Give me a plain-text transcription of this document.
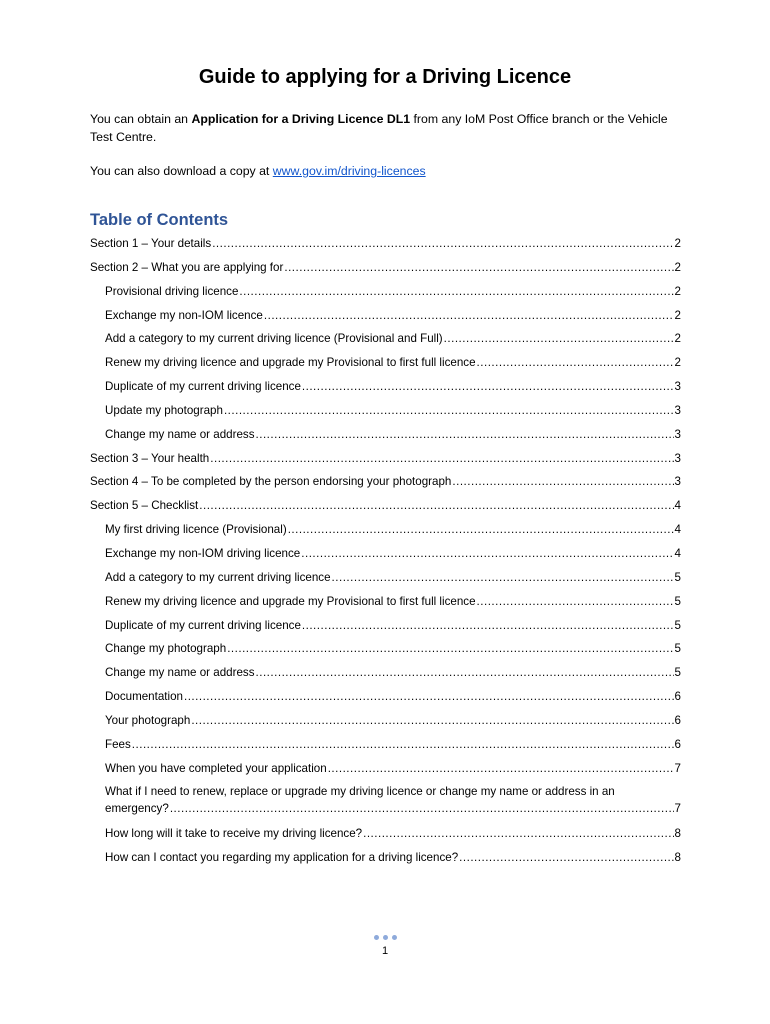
Guide to applying for a Driving Licence
You can obtain an Application for a Driving Licence DL1 from any IoM Post Office branch or the Vehicle Test Centre.
You can also download a copy at www.gov.im/driving-licences
Table of Contents
Section 1 – Your details .....	2
Section 2 – What you are applying for .....	2
Provisional driving licence .....	2
Exchange my non-IOM licence .....	2
Add a category to my current driving licence (Provisional and Full) .....	2
Renew my driving licence and upgrade my Provisional to first full licence .....	2
Duplicate of my current driving licence .....	3
Update my photograph .....	3
Change my name or address .....	3
Section 3 – Your health .....	3
Section 4 – To be completed by the person endorsing your photograph .....	3
Section 5 – Checklist .....	4
My first driving licence (Provisional) .....	4
Exchange my non-IOM driving licence .....	4
Add a category to my current driving licence .....	5
Renew my driving licence and upgrade my Provisional to first full licence .....	5
Duplicate of my current driving licence .....	5
Change my photograph .....	5
Change my name or address .....	5
Documentation .....	6
Your photograph .....	6
Fees .....	6
When you have completed your application .....	7
What if I need to renew, replace or upgrade my driving licence or change my name or address in an
emergency? .....	7
How long will it take to receive my driving licence? .....	8
How can I contact you regarding my application for a driving licence? .....	8
1
